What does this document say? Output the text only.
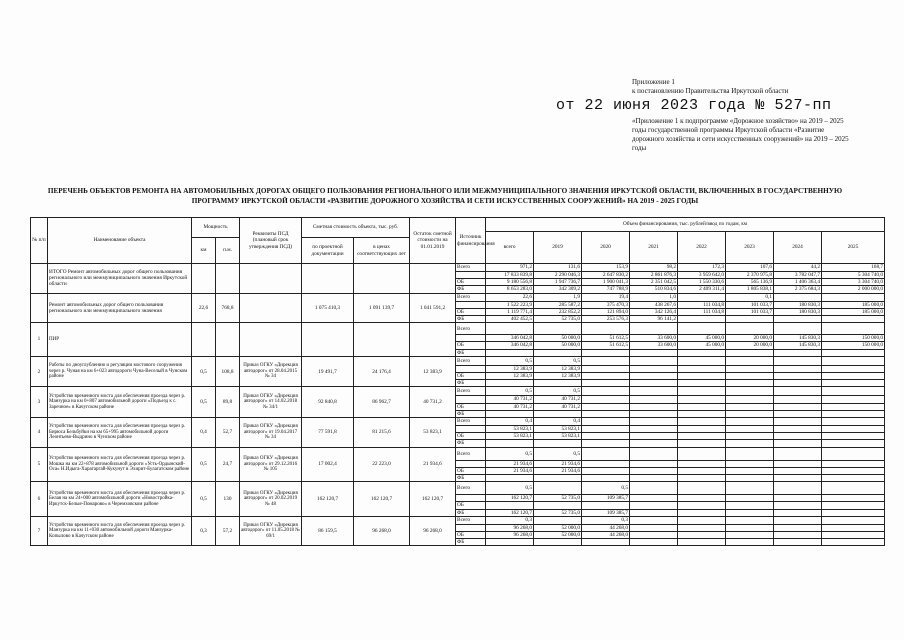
Приложение 1
к постановлению Правительства Иркутской области
от 22 июня 2023 года № 527-пп
«Приложение 1 к подпрограмме «Дорожное хозяйство» на 2019 – 2025 годы государственной программы Иркутской области «Развитие дорожного хозяйства и сети искусственных сооружений» на 2019 – 2025 годы
ПЕРЕЧЕНЬ ОБЪЕКТОВ РЕМОНТА НА АВТОМОБИЛЬНЫХ ДОРОГАХ ОБЩЕГО ПОЛЬЗОВАНИЯ РЕГИОНАЛЬНОГО ИЛИ МЕЖМУНИЦИПАЛЬНОГО ЗНАЧЕНИЯ ИРКУТСКОЙ ОБЛАСТИ, ВКЛЮЧЕННЫХ В ГОСУДАРСТВЕННУЮ ПРОГРАММУ ИРКУТСКОЙ ОБЛАСТИ «РАЗВИТИЕ ДОРОЖНОГО ХОЗЯЙСТВА И СЕТИ ИСКУССТВЕННЫХ СООРУЖЕНИЙ» НА 2019 - 2025 ГОДЫ
№ п/п	Наименование объекта	Мощность		Реквизиты ПСД (плановый срок утверждения ПСД)	Сметная стоимость объекта, тыс. руб.		Остаток сметной стоимости на 01.01.2019	Источник финансирования	Объем финансирования, тыс. рублей/ввод по годам, км							
									всего	2019	2020	2021	2022	2023	2024	2025
		км	п.м.		по проектной документации	в ценах соответствующих лет										
	ИТОГО Ремонт автомобильных дорог общего пользования регионального или межмуниципального значения Иркутской области							Всего	971,2	131,6	153,9	98,2	172,3	107,6	44,2	168,7
									17 833 839,8	2 290 046,3	2 647 830,2	2 861 876,3	3 959 642,0	2 370 975,8	3 782 047,7	5 304 740,0
								ОБ	9 180 556,8	1 947 736,7	1 900 041,3	2 351 042,5	1 550 330,6	565 136,9	1 406 363,4	3 304 740,0
								ФБ	8 653 283,0	342 309,2	747 788,9	510 834,6	2 409 311,4	1 805 838,1	2 375 684,3	2 000 000,0
	Ремонт автомобильных дорог общего пользования регионального или межмуниципального значения	22,6	768,8		1 075 410,3	1 091 139,7	1 041 591,2	Всего	22,6	1,9	19,4	1,0		0,1		
									1 522 223,9	285 587,2	375 470,3	438 267,6	111 034,8	101 033,7	180 830,3	185 000,0
								ОБ	1 119 771,4	232 852,2	121 894,0	342 126,4	111 034,8	101 033,7	180 830,3	185 000,0
								ФБ	402 452,5	52 735,0	253 576,3	96 141,2				
1	ПИР							Всего								
									346 042,8	50 000,0	51 612,5	33 600,0	45 000,0	20 000,0	145 830,3	150 000,0
								ОБ	346 042,8	50 000,0	51 612,5	33 600,0	45 000,0	20 000,0	145 830,3	150 000,0
								ФБ								
2	Работы по дноуглублению и регуляции мостового сооружения через р. Чуная на км 6+023 автодороги Чуна-Веселый в Чунском районе	0,5	108,8	Приказ ОГКУ «Дирекция автодорог» от 28.04.2015 № 34	19 491,7	24 176,4	12 383,9	Всего	0,5	0,5						
									12 383,9	12 383,9						
								ОБ	12 383,9	12 383,9						
								ФБ								
3	Устройство временного моста для обеспечения проезда через р. Манзурка на км 0+807 автомобильной дороги «Подъезд к с. Заречное» в Качугском районе	0,5	89,8	Приказ ОГКУ «Дирекция автодорог» от 14.02.2018 № 34/1	92 840,8	86 962,7	40 731,2	Всего	0,5	0,5						
									40 731,2	40 731,2						
								ОБ	40 731,2	40 731,2						
								ФБ								
4	Устройство временного моста для обеспечения проезда через р. Бирюса Бельбуйки на км 65+995 автомобильной дороги Леонтьево-Выдрино в Чунском районе	0,4	52,7	Приказ ОГКУ «Дирекция автодорог» от 19.04.2017 № 34	77 591,8	81 215,6	53 823,1	Всего	0,4	0,4						
									53 823,1	53 823,1						
								ОБ	53 823,1	53 823,1						
								ФБ								
5	Устройство временного моста для обеспечения проезда через р. Мошка на км 22+878 автомобильной дороги «Усть-Ордынский-Оса» Н.Идыга-Харагаргай-Кукунут в Эхирит-Булагатском районе	0,5	24,7	Приказ ОГКУ «Дирекция автодорог» от 29.12.2016 № 105	17 002,4	22 223,0	21 934,6	Всего	0,5	0,5						
									21 934,6	21 934,6						
								ОБ	21 934,6	21 934,6						
								ФБ								
6	Устройство временного моста для обеспечения проезда через р. Белая на км 24+000 автомобильной дороги «Новостройка-Иркутск-Белые-Помарово» в Черемховском районе	0,5	130	Приказ ОГКУ «Дирекция автодорог» от 20.02.2019 № 48	162 120,7	162 120,7	162 120,7	Всего	0,5		0,5					
									162 120,7	52 735,0	109 385,7					
								ОБ								
								ФБ	162 120,7	52 735,0	109 385,7					
7	Устройство временного моста для обеспечения проезда через р. Манзурка на км 11+030 автомобильной дороги Манзурка-Копылово в Качугском районе	0,3	57,2	Приказ ОГКУ «Дирекция автодорог» от 11.05.2018 № 69/1	86 159,5	96 268,0	96 268,0	Всего	0,3		0,3					
									96 268,0	52 000,0	44 268,0					
								ОБ	96 268,0	52 000,0	44 268,0					
								ФБ								
